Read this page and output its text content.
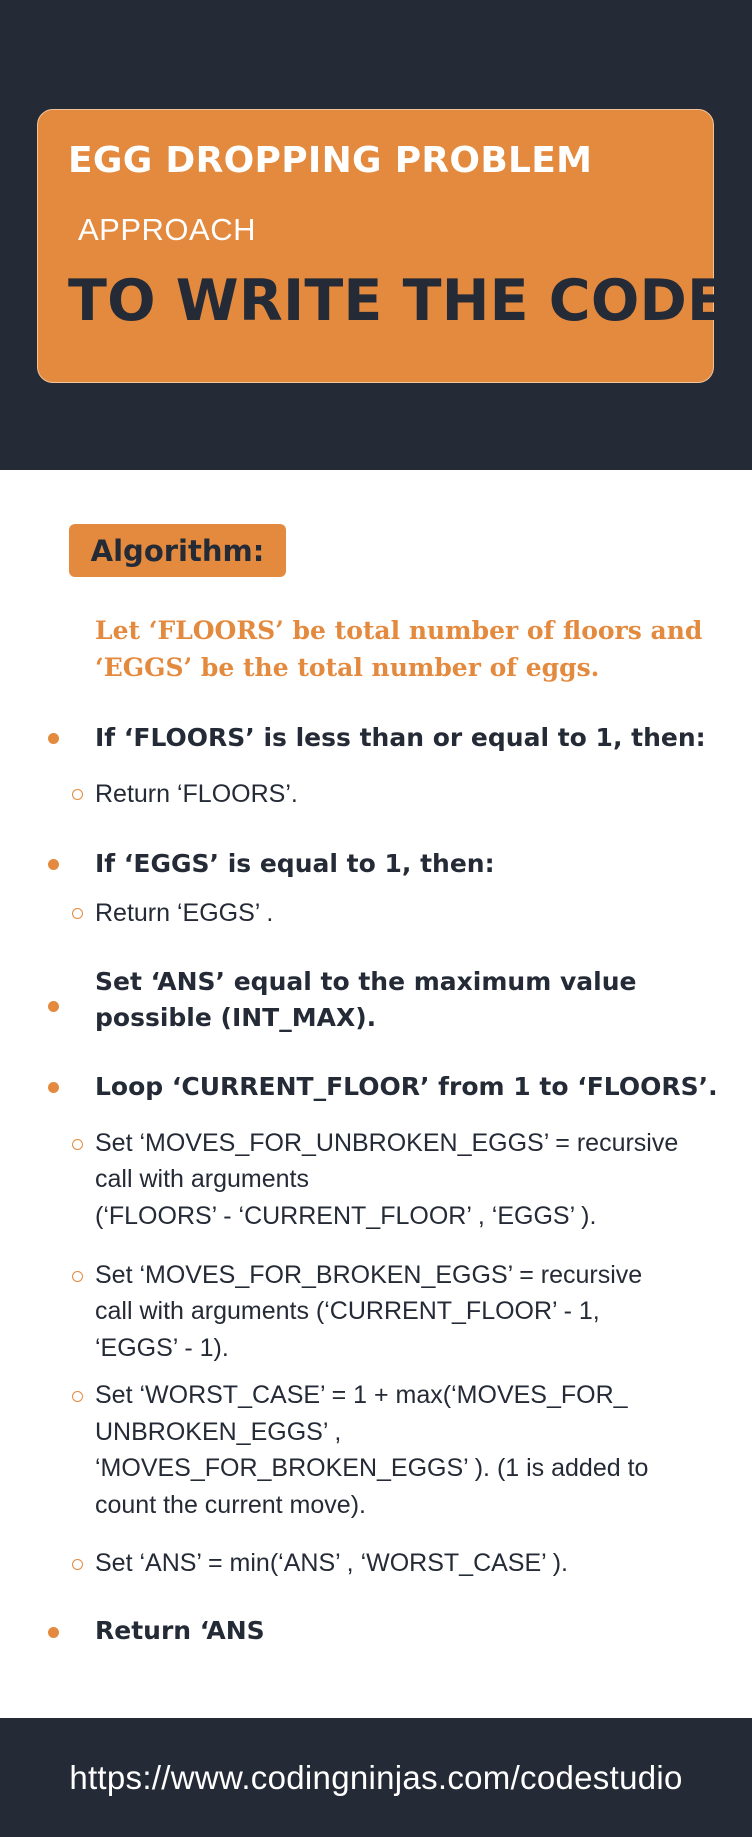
EGG DROPPING PROBLEM
APPROACH
TO WRITE THE CODE
Algorithm:
Let ‘FLOORS’ be total number of floors and ‘EGGS’ be the total number of eggs.
If ‘FLOORS’ is less than or equal to 1, then:
Return ‘FLOORS’.
If ‘EGGS’ is equal to 1, then:
Return ‘EGGS’ .
Set ‘ANS’ equal to the maximum value
possible (INT_MAX).
Loop ‘CURRENT_FLOOR’ from 1 to ‘FLOORS’.
Set ‘MOVES_FOR_UNBROKEN_EGGS’ = recursive
call with arguments
(‘FLOORS’ - ‘CURRENT_FLOOR’ , ‘EGGS’ ).
Set ‘MOVES_FOR_BROKEN_EGGS’ = recursive
call with arguments (‘CURRENT_FLOOR’ - 1,
‘EGGS’ - 1).
Set ‘WORST_CASE’ = 1 + max(‘MOVES_FOR_
UNBROKEN_EGGS’ ,
‘MOVES_FOR_BROKEN_EGGS’ ). (1 is added to
count the current move).
Set ‘ANS’ = min(‘ANS’ , ‘WORST_CASE’ ).
Return ‘ANS
https://www.codingninjas.com/codestudio
